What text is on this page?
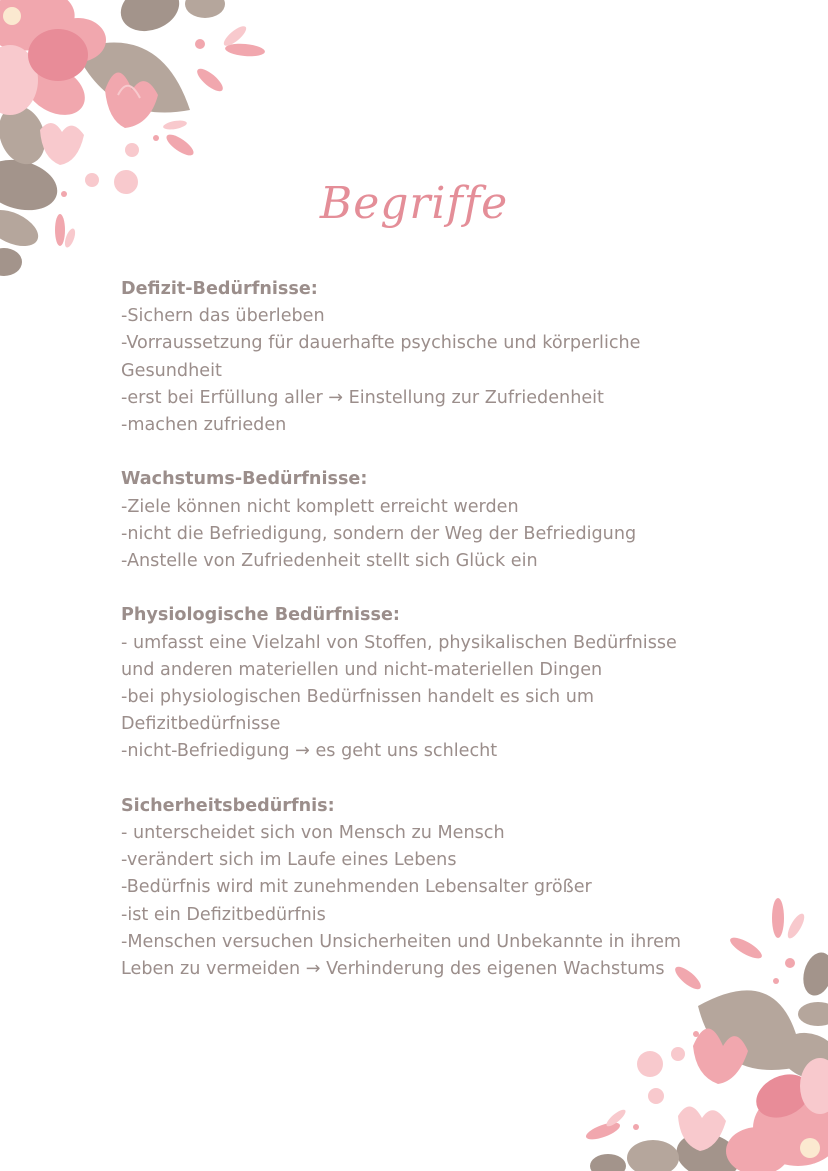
Begriffe
Defizit-Bedürfnisse:
-Sichern das überleben
-Vorraussetzung für dauerhafte psychische und körperliche Gesundheit
-erst bei Erfüllung aller → Einstellung zur Zufriedenheit
-machen zufrieden
Wachstums-Bedürfnisse:
-Ziele können nicht komplett erreicht werden
-nicht die Befriedigung, sondern der Weg der Befriedigung
-Anstelle von Zufriedenheit stellt sich Glück ein
Physiologische Bedürfnisse:
- umfasst eine Vielzahl von Stoffen, physikalischen Bedürfnisse und anderen materiellen und nicht-materiellen Dingen
-bei physiologischen Bedürfnissen handelt es sich um Defizitbedürfnisse
-nicht-Befriedigung → es geht uns schlecht
Sicherheitsbedürfnis:
- unterscheidet sich von Mensch zu Mensch
-verändert sich im Laufe eines Lebens
-Bedürfnis wird mit zunehmenden Lebensalter größer
-ist ein Defizitbedürfnis
-Menschen versuchen Unsicherheiten und Unbekannte in ihrem Leben zu vermeiden → Verhinderung des eigenen Wachstums
